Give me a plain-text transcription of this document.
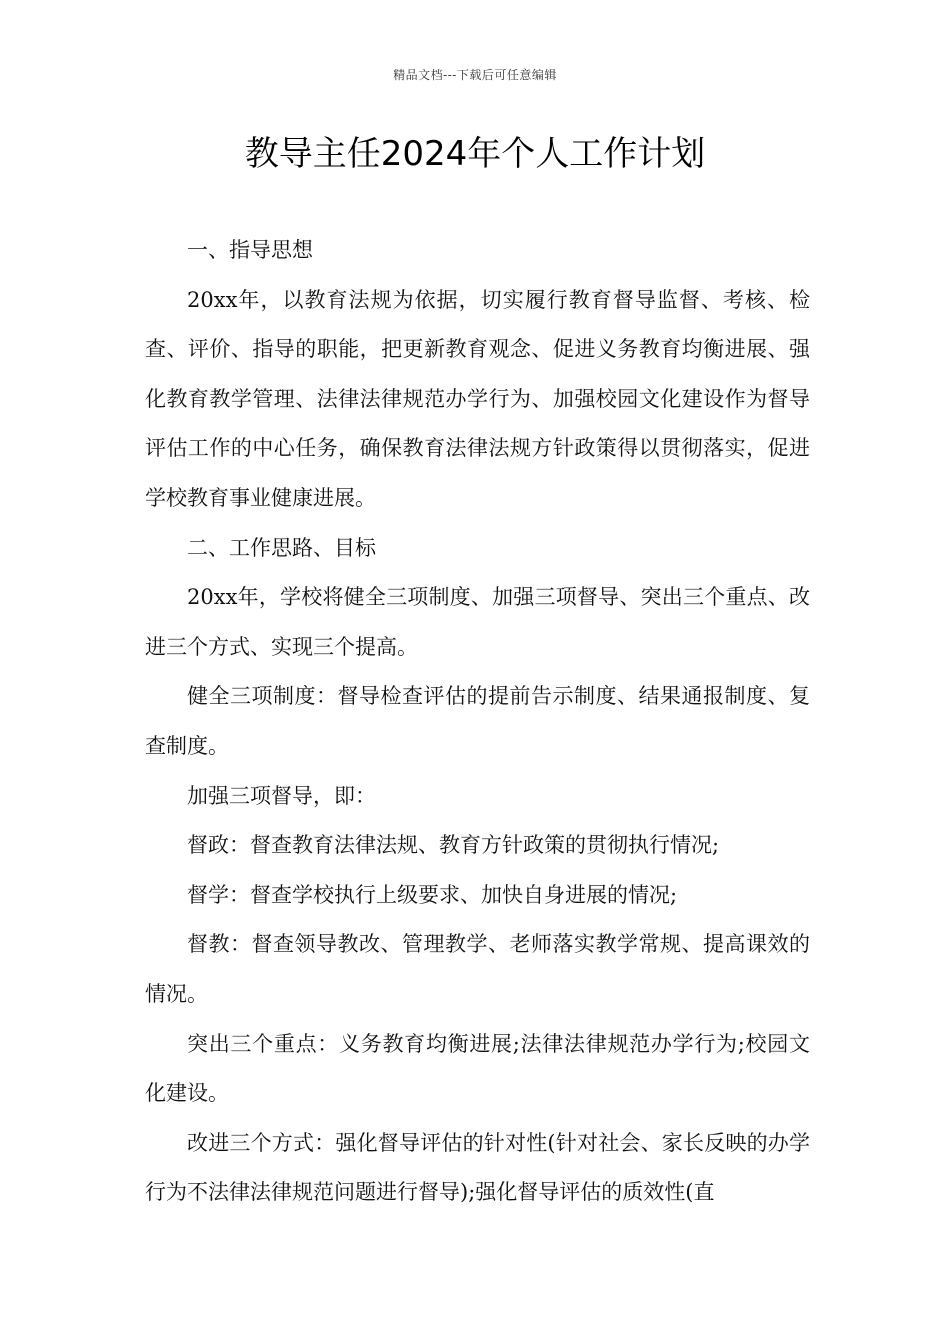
精品文档---下载后可任意编辑
教导主任2024年个人工作计划

一、指导思想

20xx年，以教育法规为依据，切实履行教育督导监督、考核、检查、评价、指导的职能，把更新教育观念、促进义务教育均衡进展、强化教育教学管理、法律法律规范办学行为、加强校园文化建设作为督导评估工作的中心任务，确保教育法律法规方针政策得以贯彻落实，促进学校教育事业健康进展。

二、工作思路、目标

20xx年，学校将健全三项制度、加强三项督导、突出三个重点、改进三个方式、实现三个提高。

健全三项制度：督导检查评估的提前告示制度、结果通报制度、复查制度。

加强三项督导，即：

督政：督查教育法律法规、教育方针政策的贯彻执行情况;

督学：督查学校执行上级要求、加快自身进展的情况;

督教：督查领导教改、管理教学、老师落实教学常规、提高课效的情况。

突出三个重点：义务教育均衡进展;法律法律规范办学行为;校园文化建设。

改进三个方式：强化督导评估的针对性(针对社会、家长反映的办学行为不法律法律规范问题进行督导);强化督导评估的质效性(直
